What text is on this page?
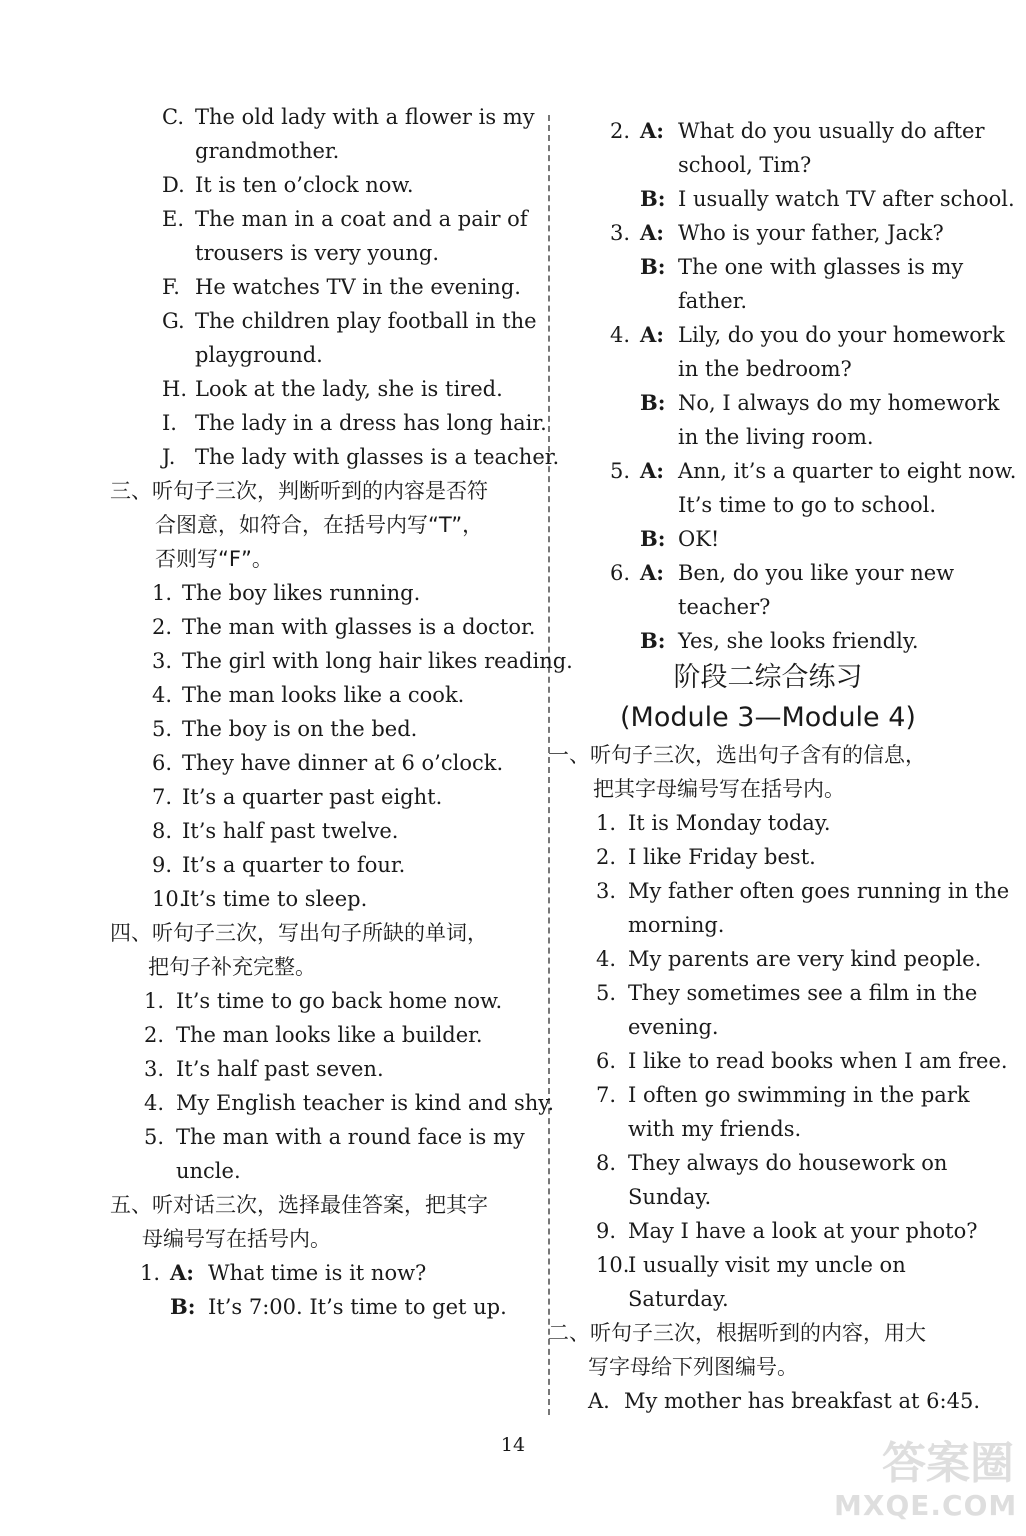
C. The old lady with a flower is my
grandmother.
D. It is ten o’clock now.
E. The man in a coat and a pair of
trousers is very young.
F. He watches TV in the evening.
G. The children play football in the
playground.
H. Look at the lady, she is tired.
I. The lady in a dress has long hair.
J. The lady with glasses is a teacher.
三、听句子三次，判断听到的内容是否符
合图意，如符合，在括号内写“T”，
否则写“F”。
1. The boy likes running.
2. The man with glasses is a doctor.
3. The girl with long hair likes reading.
4. The man looks like a cook.
5. The boy is on the bed.
6. They have dinner at 6 o’clock.
7. It’s a quarter past eight.
8. It’s half past twelve.
9. It’s a quarter to four.
10.It’s time to sleep.
四、听句子三次，写出句子所缺的单词，
把句子补充完整。
1. It’s time to go back home now.
2. The man looks like a builder.
3. It’s half past seven.
4. My English teacher is kind and shy.
5. The man with a round face is my
uncle.
五、听对话三次，选择最佳答案，把其字
母编号写在括号内。
1. A: What time is it now?
B: It’s 7:00. It’s time to get up.
2. A: What do you usually do after
school, Tim?
B: I usually watch TV after school.
3. A: Who is your father, Jack?
B: The one with glasses is my
father.
4. A: Lily, do you do your homework
in the bedroom?
B: No, I always do my homework
in the living room.
5. A: Ann, it’s a quarter to eight now.
It’s time to go to school.
B: OK!
6. A: Ben, do you like your new
teacher?
B: Yes, she looks friendly.
阶段二综合练习
(Module 3—Module 4)
一、听句子三次，选出句子含有的信息，
把其字母编号写在括号内。
1. It is Monday today.
2. I like Friday best.
3. My father often goes running in the
morning.
4. My parents are very kind people.
5. They sometimes see a film in the
evening.
6. I like to read books when I am free.
7. I often go swimming in the park
with my friends.
8. They always do housework on
Sunday.
9. May I have a look at your photo?
10.I usually visit my uncle on
Saturday.
二、听句子三次，根据听到的内容，用大
写字母给下列图编号。
A. My mother has breakfast at 6:45.
14	答案圈
MXQE.COM
